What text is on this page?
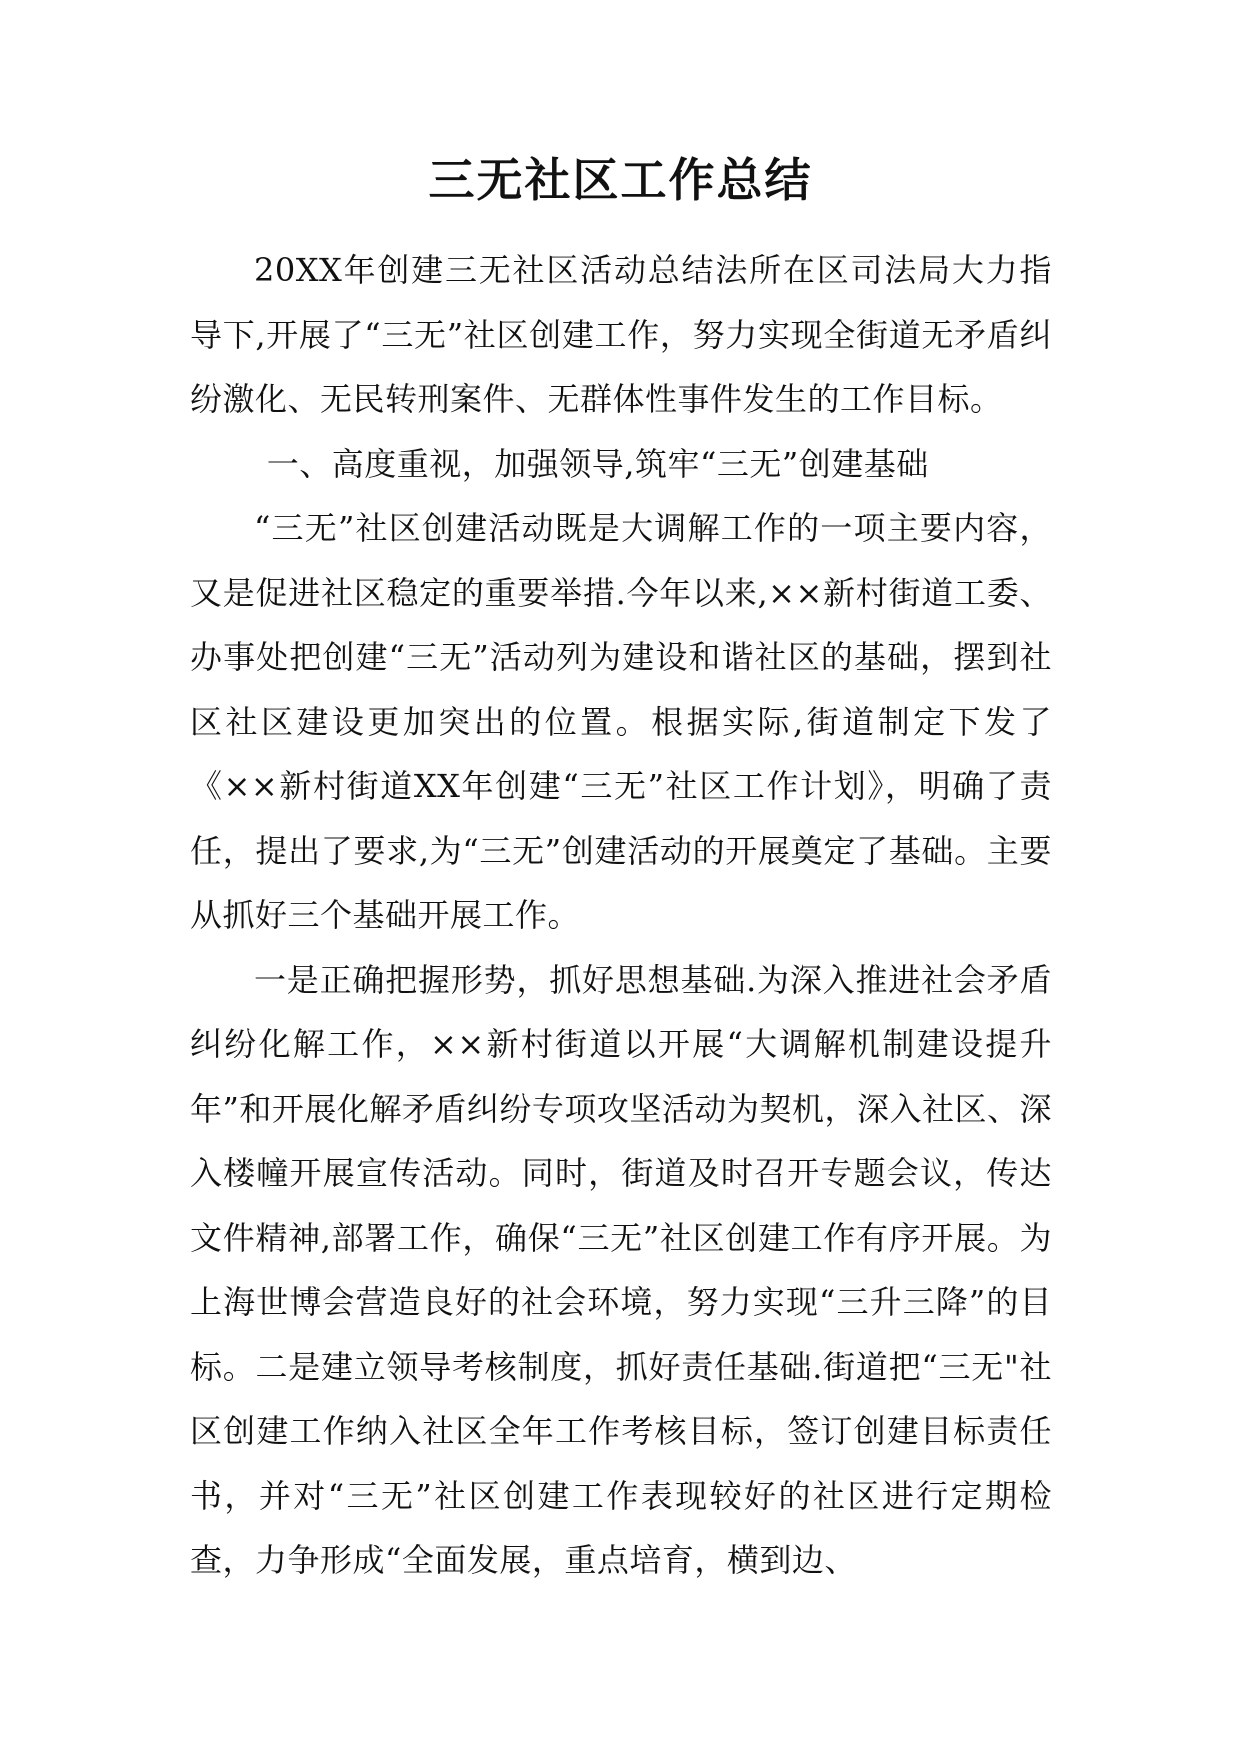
三无社区工作总结

20XX年创建三无社区活动总结法所在区司法局大力指导下,开展了“三无”社区创建工作，努力实现全街道无矛盾纠纷激化、无民转刑案件、无群体性事件发生的工作目标。

一、高度重视，加强领导,筑牢“三无”创建基础

“三无”社区创建活动既是大调解工作的一项主要内容，又是促进社区稳定的重要举措.今年以来,××新村街道工委、办事处把创建“三无”活动列为建设和谐社区的基础，摆到社区社区建设更加突出的位置。根据实际,街道制定下发了《××新村街道XX年创建“三无”社区工作计划》，明确了责任，提出了要求,为“三无”创建活动的开展奠定了基础。主要从抓好三个基础开展工作。

一是正确把握形势，抓好思想基础.为深入推进社会矛盾纠纷化解工作，××新村街道以开展“大调解机制建设提升年”和开展化解矛盾纠纷专项攻坚活动为契机，深入社区、深入楼幢开展宣传活动。同时，街道及时召开专题会议，传达文件精神,部署工作，确保“三无”社区创建工作有序开展。为上海世博会营造良好的社会环境，努力实现“三升三降”的目标。二是建立领导考核制度，抓好责任基础.街道把“三无"社区创建工作纳入社区全年工作考核目标，签订创建目标责任书，并对“三无”社区创建工作表现较好的社区进行定期检查，力争形成“全面发展，重点培育，横到边、
